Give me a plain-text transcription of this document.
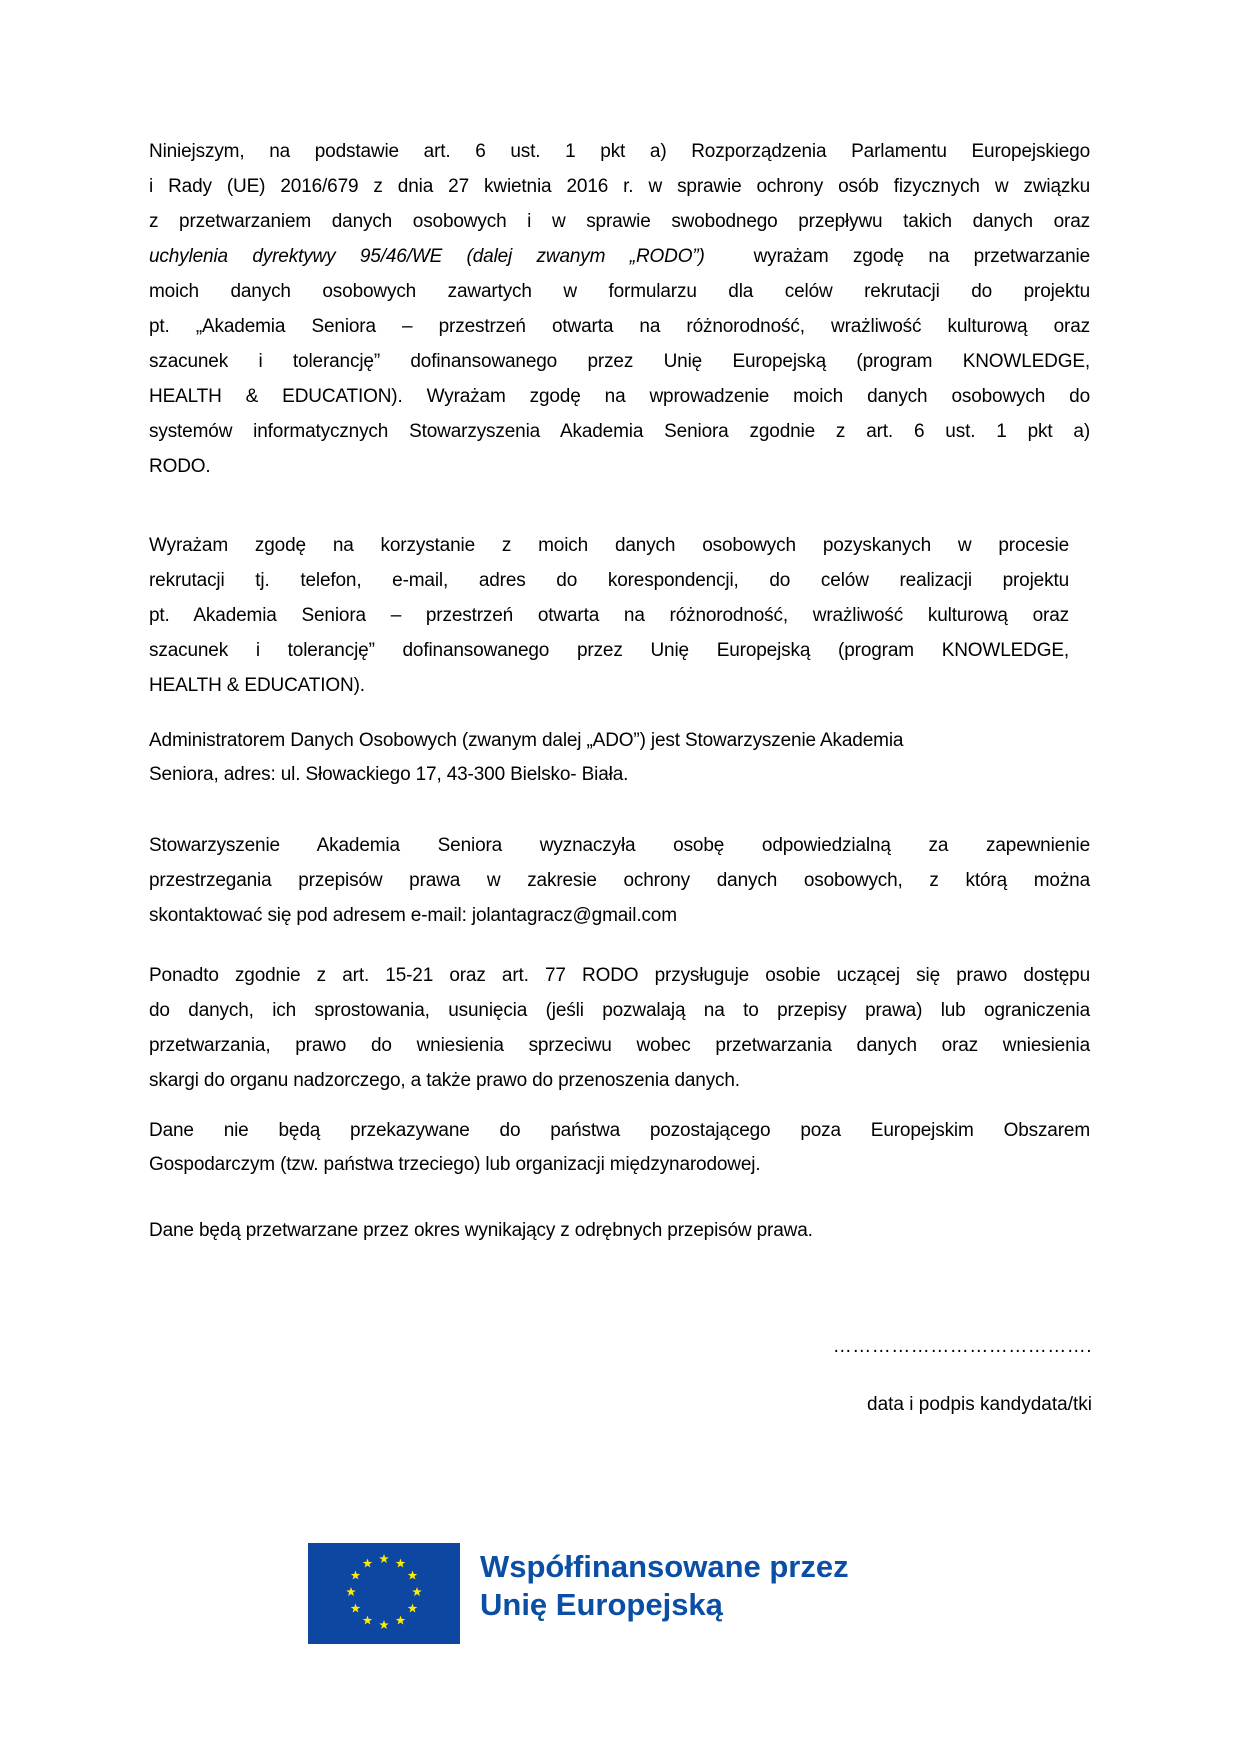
Niniejszym, na podstawie art. 6 ust. 1 pkt a) Rozporządzenia Parlamentu Europejskiego
i Rady (UE) 2016/679 z dnia 27 kwietnia 2016 r. w sprawie ochrony osób fizycznych w związku
z przetwarzaniem danych osobowych i w sprawie swobodnego przepływu takich danych oraz
uchylenia dyrektywy 95/46/WE (dalej zwanym „RODO”)	wyrażam zgodę na przetwarzanie
moich danych osobowych zawartych w formularzu dla celów rekrutacji do projektu
pt. „Akademia Seniora – przestrzeń otwarta na różnorodność, wrażliwość kulturową oraz
szacunek i tolerancję” dofinansowanego przez Unię Europejską (program KNOWLEDGE,
HEALTH & EDUCATION). Wyrażam zgodę na wprowadzenie moich danych osobowych do
systemów informatycznych Stowarzyszenia Akademia Seniora zgodnie z art. 6 ust. 1 pkt a)
RODO.
Wyrażam zgodę na korzystanie z moich danych osobowych pozyskanych w procesie
rekrutacji tj. telefon, e-mail, adres do korespondencji, do celów realizacji projektu
pt. Akademia Seniora – przestrzeń otwarta na różnorodność, wrażliwość kulturową oraz
szacunek i tolerancję” dofinansowanego przez Unię Europejską (program KNOWLEDGE,
HEALTH & EDUCATION).
Administratorem Danych Osobowych (zwanym dalej „ADO”) jest Stowarzyszenie Akademia
Seniora, adres: ul. Słowackiego 17, 43-300 Bielsko- Biała.
Stowarzyszenie Akademia Seniora wyznaczyła osobę odpowiedzialną za zapewnienie
przestrzegania przepisów prawa w zakresie ochrony danych osobowych, z którą można
skontaktować się pod adresem e-mail: jolantagracz@gmail.com
Ponadto zgodnie z art. 15-21 oraz art. 77 RODO przysługuje osobie uczącej się prawo dostępu
do danych, ich sprostowania, usunięcia (jeśli pozwalają na to przepisy prawa) lub ograniczenia
przetwarzania, prawo do wniesienia sprzeciwu wobec przetwarzania danych oraz wniesienia
skargi do organu nadzorczego, a także prawo do przenoszenia danych.
Dane nie będą przekazywane do państwa pozostającego poza Europejskim Obszarem
Gospodarczym (tzw. państwa trzeciego) lub organizacji międzynarodowej.
Dane będą przetwarzane przez okres wynikający z odrębnych przepisów prawa.
………………………………….
data i podpis kandydata/tki
Współfinansowane przez
Unię Europejską
